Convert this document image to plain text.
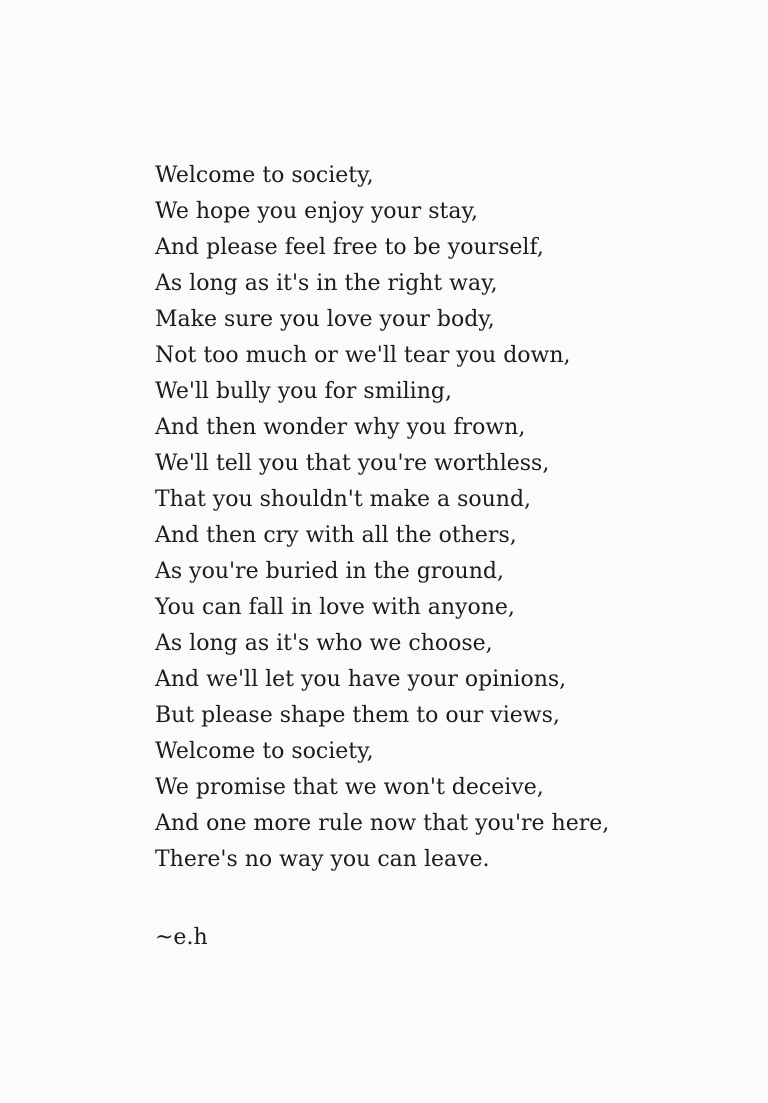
Welcome to society,
We hope you enjoy your stay,
And please feel free to be yourself,
As long as it's in the right way,
Make sure you love your body,
Not too much or we'll tear you down,
We'll bully you for smiling,
And then wonder why you frown,
We'll tell you that you're worthless,
That you shouldn't make a sound,
And then cry with all the others,
As you're buried in the ground,
You can fall in love with anyone,
As long as it's who we choose,
And we'll let you have your opinions,
But please shape them to our views,
Welcome to society,
We promise that we won't deceive,
And one more rule now that you're here,
There's no way you can leave.
~e.h
